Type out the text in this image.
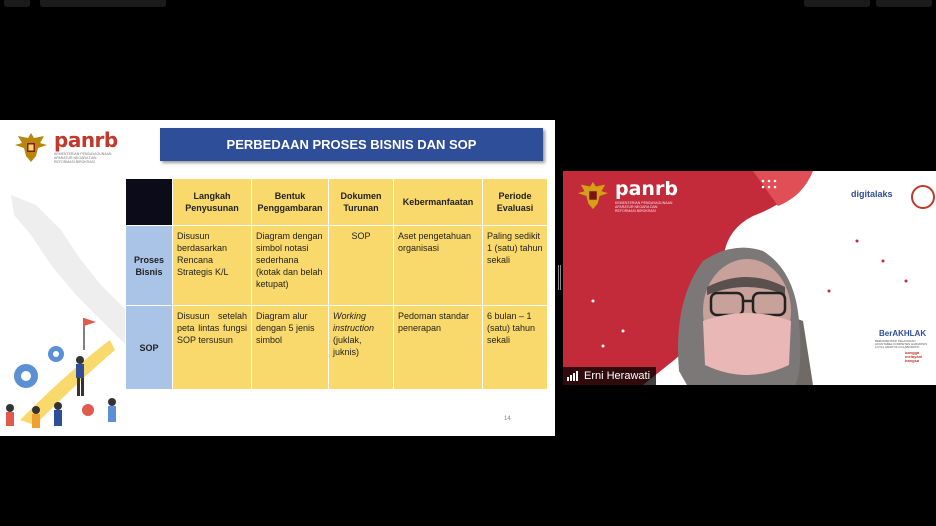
panrb
KEMENTERIAN PENDAYAGUNAAN APARATUR NEGARA DAN REFORMASI BIROKRASI
PERBEDAAN PROSES BISNIS DAN SOP
	Langkah Penyusunan	Bentuk Penggambaran	Dokumen Turunan	Kebermanfaatan	Periode Evaluasi
Proses Bisnis	Disusun berdasarkan Rencana Strategis K/L	Diagram dengan simbol notasi sederhana (kotak dan belah ketupat)	SOP	Aset pengetahuan organisasi	Paling sedikit 1 (satu) tahun sekali
SOP	Disusun setelah peta lintas fungsi SOP tersusun	Diagram alur dengan 5 jenis simbol	Working instruction (juklak, juknis)	Pedoman standar penerapan	6 bulan – 1 (satu) tahun sekali
14
panrb
KEMENTERIAN PENDAYAGUNAAN APARATUR NEGARA DAN REFORMASI BIROKRASI
digitalaks
BerAKHLAK
BERORIENTASI PELAYANAN AKUNTABEL KOMPETEN HARMONIS LOYAL ADAPTIF KOLABORATIF
bangga melayani bangsa
Erni Herawati
